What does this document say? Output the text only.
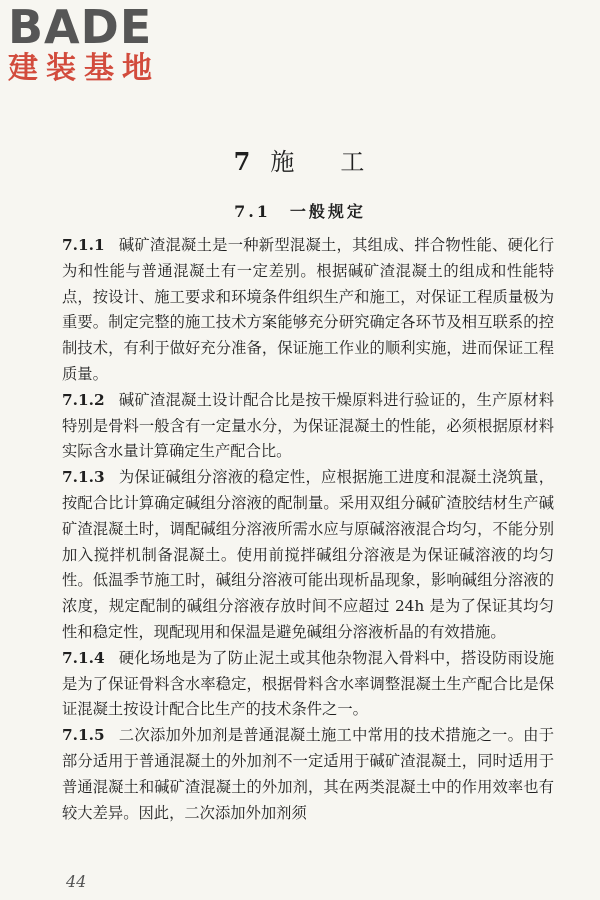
BADE
建装基地
7 施 工
7.1　一般规定

7.1.1 碱矿渣混凝土是一种新型混凝土，其组成、拌合物性能、硬化行为和性能与普通混凝土有一定差别。根据碱矿渣混凝土的组成和性能特点，按设计、施工要求和环境条件组织生产和施工，对保证工程质量极为重要。制定完整的施工技术方案能够充分研究确定各环节及相互联系的控制技术，有利于做好充分准备，保证施工作业的顺利实施，进而保证工程质量。

7.1.2 碱矿渣混凝土设计配合比是按干燥原料进行验证的，生产原材料特别是骨料一般含有一定量水分，为保证混凝土的性能，必须根据原材料实际含水量计算确定生产配合比。

7.1.3 为保证碱组分溶液的稳定性，应根据施工进度和混凝土浇筑量，按配合比计算确定碱组分溶液的配制量。采用双组分碱矿渣胶结材生产碱矿渣混凝土时，调配碱组分溶液所需水应与原碱溶液混合均匀，不能分别加入搅拌机制备混凝土。使用前搅拌碱组分溶液是为保证碱溶液的均匀性。低温季节施工时，碱组分溶液可能出现析晶现象，影响碱组分溶液的浓度，规定配制的碱组分溶液存放时间不应超过 24h 是为了保证其均匀性和稳定性，现配现用和保温是避免碱组分溶液析晶的有效措施。

7.1.4 硬化场地是为了防止泥土或其他杂物混入骨料中，搭设防雨设施是为了保证骨料含水率稳定，根据骨料含水率调整混凝土生产配合比是保证混凝土按设计配合比生产的技术条件之一。

7.1.5 二次添加外加剂是普通混凝土施工中常用的技术措施之一。由于部分适用于普通混凝土的外加剂不一定适用于碱矿渣混凝土，同时适用于普通混凝土和碱矿渣混凝土的外加剂，其在两类混凝土中的作用效率也有较大差异。因此，二次添加外加剂须

44
